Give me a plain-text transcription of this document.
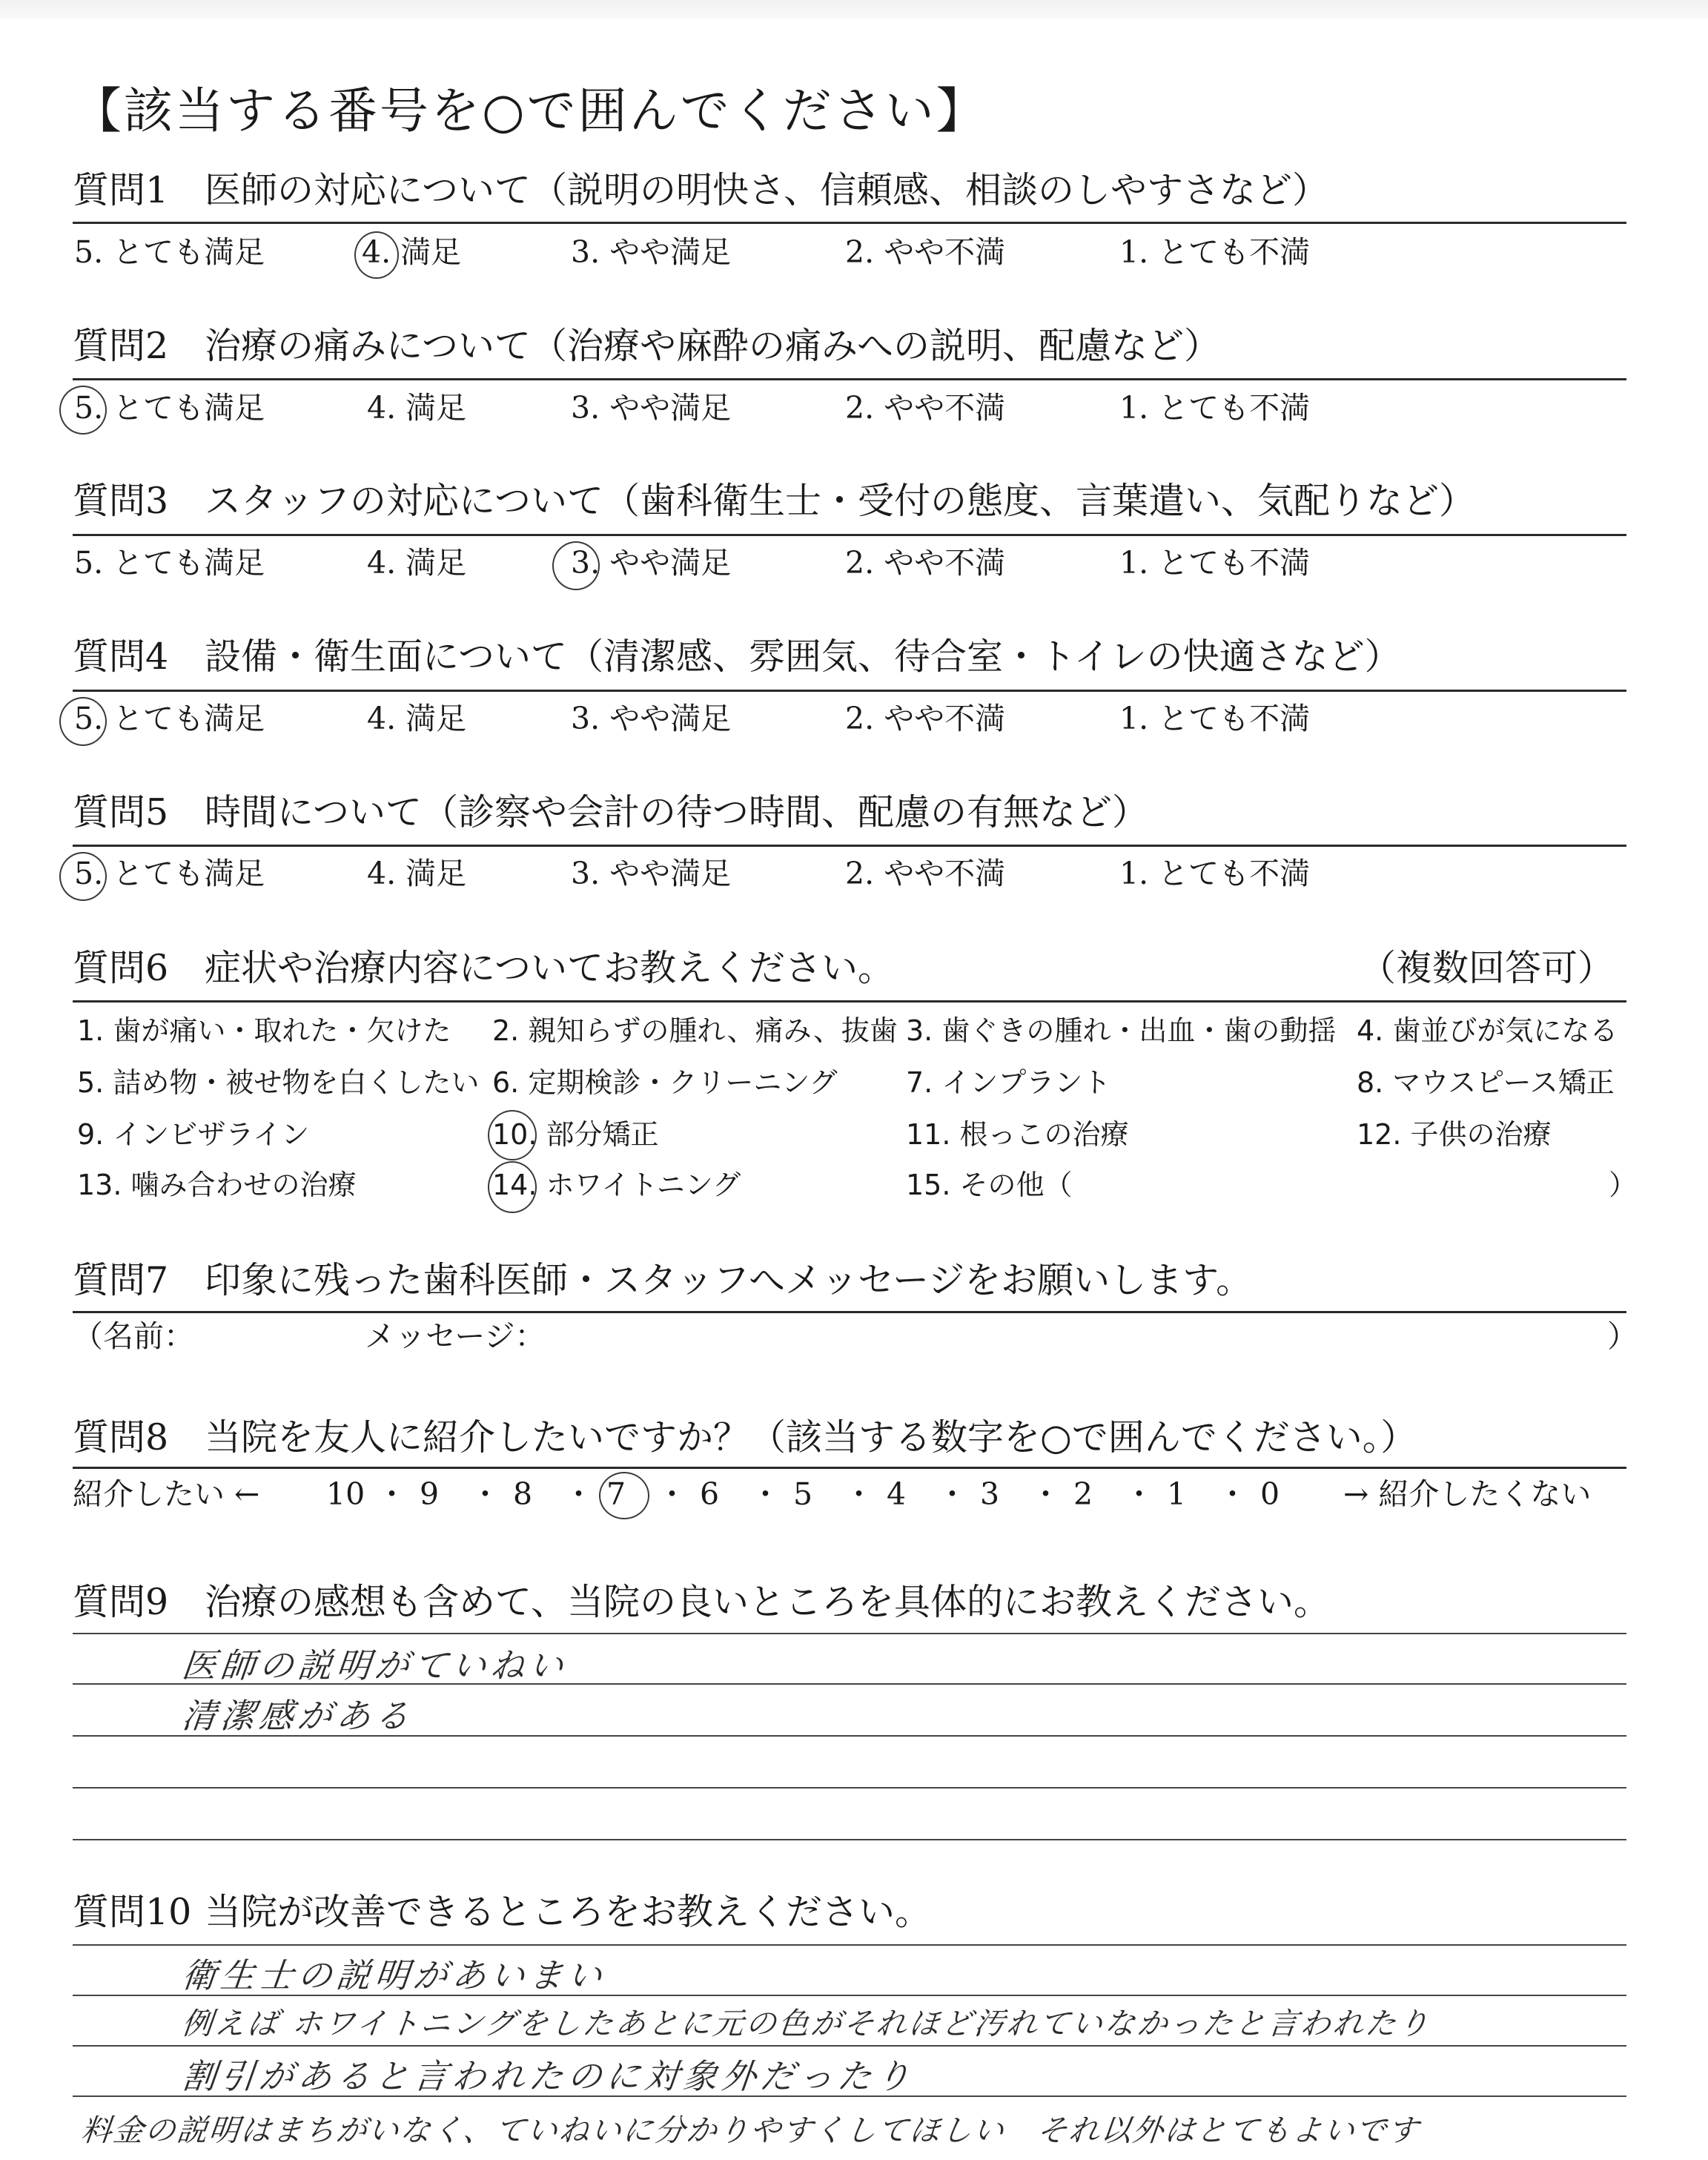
【該当する番号を○で囲んでください】
質問1 医師の対応について（説明の明快さ、信頼感、相談のしやすさなど）
5. とても満足	4. 満足	3. やや満足	2. やや不満	1. とても不満
質問2 治療の痛みについて（治療や麻酔の痛みへの説明、配慮など）
5. とても満足	4. 満足	3. やや満足	2. やや不満	1. とても不満
質問3 スタッフの対応について（歯科衛生士・受付の態度、言葉遣い、気配りなど）
5. とても満足	4. 満足	3. やや満足	2. やや不満	1. とても不満
質問4 設備・衛生面について（清潔感、雰囲気、待合室・トイレの快適さなど）
5. とても満足	4. 満足	3. やや満足	2. やや不満	1. とても不満
質問5 時間について（診察や会計の待つ時間、配慮の有無など）
5. とても満足	4. 満足	3. やや満足	2. やや不満	1. とても不満
質問6 症状や治療内容についてお教えください。	（複数回答可）
1. 歯が痛い・取れた・欠けた 2. 親知らずの腫れ、痛み、抜歯 3. 歯ぐきの腫れ・出血・歯の動揺 4. 歯並びが気になる
5. 詰め物・被せ物を白くしたい 6. 定期検診・クリーニング 7. インプラント	8. マウスピース矯正
9. インビザライン	10. 部分矯正	11. 根っこの治療	12. 子供の治療
13. 噛み合わせの治療	14. ホワイトニング	15. その他（	）
質問7 印象に残った歯科医師・スタッフへメッセージをお願いします。
（名前：	メッセージ：	）
質問8 当院を友人に紹介したいですか？（該当する数字を○で囲んでください。）
紹介したい ← 10 ・ 9 ・ 8 ・ 7 ・ 6 ・ 5 ・ 4 ・ 3 ・ 2 ・ 1 ・ 0 → 紹介したくない
質問9 治療の感想も含めて、当院の良いところを具体的にお教えください。
医師の説明がていねい
清潔感がある
質問10 当院が改善できるところをお教えください。
衛生士の説明があいまい
例えば ホワイトニングをしたあとに元の色がそれほど汚れていなかったと言われたり
割引があると言われたのに対象外だったり
料金の説明はまちがいなく、ていねいに分かりやすくしてほしい　それ以外はとてもよいです
